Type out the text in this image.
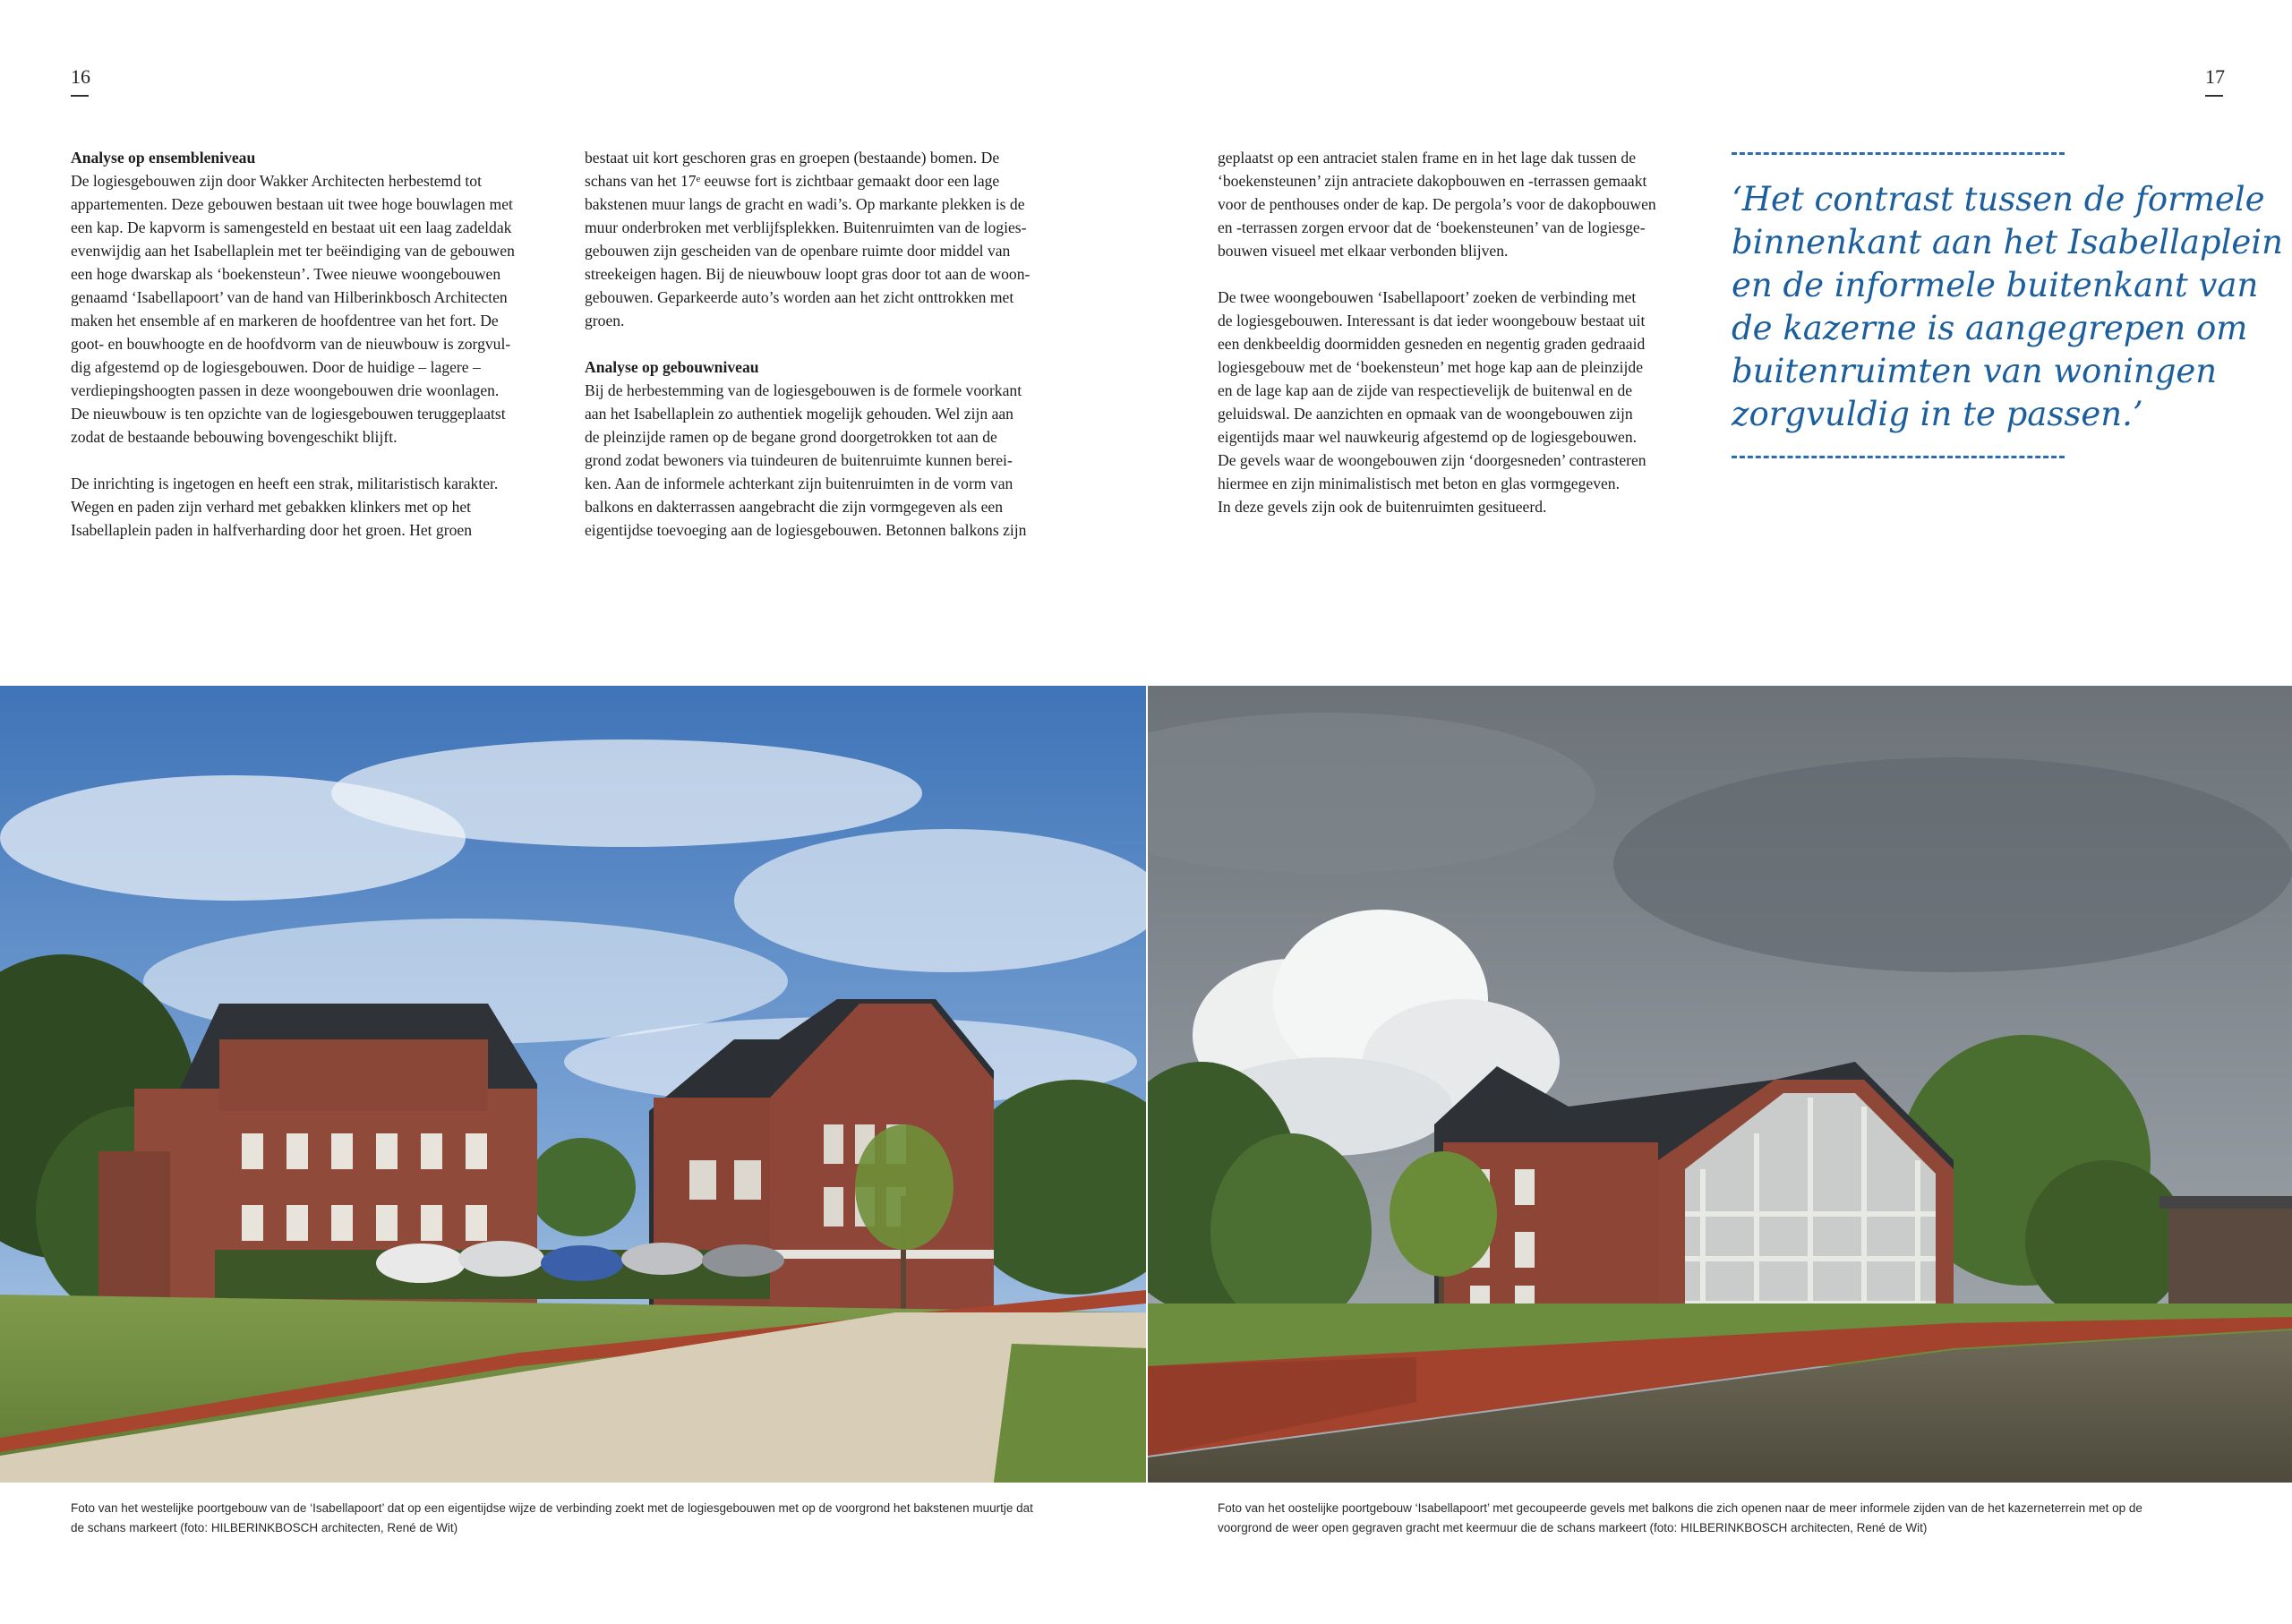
16	17

Analyse op ensembleniveau

De logiesgebouwen zijn door Wakker Architecten herbestemd tot

appartementen. Deze gebouwen bestaan uit twee hoge bouwlagen met

een kap. De kapvorm is samengesteld en bestaat uit een laag zadeldak

evenwijdig aan het Isabellaplein met ter beëindiging van de gebouwen

een hoge dwarskap als ‘boekensteun’. Twee nieuwe woongebouwen

genaamd ‘Isabellapoort’ van de hand van Hilberinkbosch Architecten

maken het ensemble af en markeren de hoofdentree van het fort. De

goot- en bouwhoogte en de hoofdvorm van de nieuwbouw is zorgvul-

dig afgestemd op de logiesgebouwen. Door de huidige – lagere –

verdiepingshoogten passen in deze woongebouwen drie woonlagen.

De nieuwbouw is ten opzichte van de logiesgebouwen teruggeplaatst

zodat de bestaande bebouwing bovengeschikt blijft.

De inrichting is ingetogen en heeft een strak, militaristisch karakter.

Wegen en paden zijn verhard met gebakken klinkers met op het

Isabellaplein paden in halfverharding door het groen. Het groen

bestaat uit kort geschoren gras en groepen (bestaande) bomen. De

schans van het 17ᵉ eeuwse fort is zichtbaar gemaakt door een lage

bakstenen muur langs de gracht en wadi’s. Op markante plekken is de

muur onderbroken met verblijfsplekken. Buitenruimten van de logies-

gebouwen zijn gescheiden van de openbare ruimte door middel van

streekeigen hagen. Bij de nieuwbouw loopt gras door tot aan de woon-

gebouwen. Geparkeerde auto’s worden aan het zicht onttrokken met

groen.

Analyse op gebouwniveau

Bij de herbestemming van de logiesgebouwen is de formele voorkant

aan het Isabellaplein zo authentiek mogelijk gehouden. Wel zijn aan

de pleinzijde ramen op de begane grond doorgetrokken tot aan de

grond zodat bewoners via tuindeuren de buitenruimte kunnen berei-

ken. Aan de informele achterkant zijn buitenruimten in de vorm van

balkons en dakterrassen aangebracht die zijn vormgegeven als een

eigentijdse toevoeging aan de logiesgebouwen. Betonnen balkons zijn

geplaatst op een antraciet stalen frame en in het lage dak tussen de

‘boekensteunen’ zijn antraciete dakopbouwen en -terrassen gemaakt

voor de penthouses onder de kap. De pergola’s voor de dakopbouwen

en -terrassen zorgen ervoor dat de ‘boekensteunen’ van de logiesge-

bouwen visueel met elkaar verbonden blijven.

De twee woongebouwen ‘Isabellapoort’ zoeken de verbinding met

de logiesgebouwen. Interessant is dat ieder woongebouw bestaat uit

een denkbeeldig doormidden gesneden en negentig graden gedraaid

logiesgebouw met de ‘boekensteun’ met hoge kap aan de pleinzijde

en de lage kap aan de zijde van respectievelijk de buitenwal en de

geluidswal. De aanzichten en opmaak van de woongebouwen zijn

eigentijds maar wel nauwkeurig afgestemd op de logiesgebouwen.

De gevels waar de woongebouwen zijn ‘doorgesneden’ contrasteren

hiermee en zijn minimalistisch met beton en glas vormgegeven.

In deze gevels zijn ook de buitenruimten gesitueerd.

‘Het contrast tussen de formele

binnenkant aan het Isabellaplein

en de informele buitenkant van

de kazerne is aangegrepen om

buitenruimten van woningen

zorgvuldig in te passen.’

Foto van het westelijke poortgebouw van de ‘Isabellapoort’ dat op een eigentijdse wijze de verbinding zoekt met de logiesgebouwen met op de voorgrond het bakstenen muurtje dat

de schans markeert (foto: HILBERINKBOSCH architecten, René de Wit)

Foto van het oostelijke poortgebouw ‘Isabellapoort’ met gecoupeerde gevels met balkons die zich openen naar de meer informele zijden van de het kazerneterrein met op de

voorgrond de weer open gegraven gracht met keermuur die de schans markeert (foto: HILBERINKBOSCH architecten, René de Wit)
